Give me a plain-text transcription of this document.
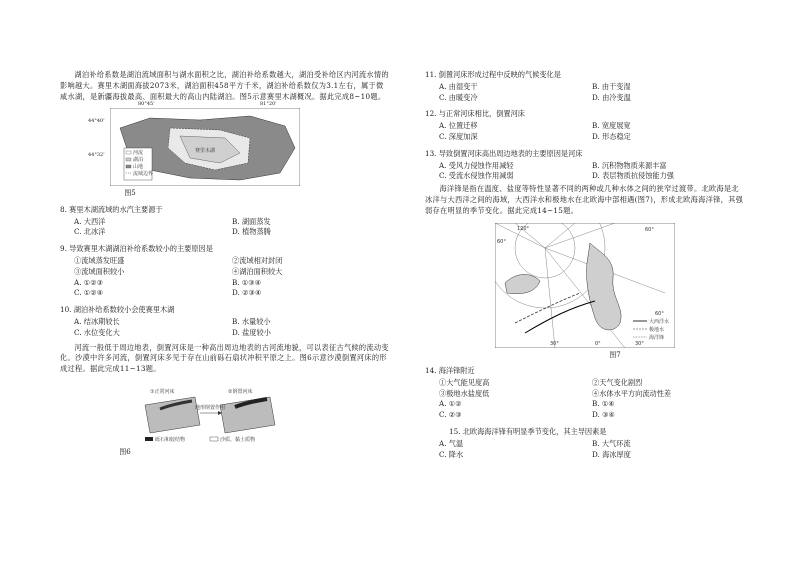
湖泊补给系数是湖泊流域面积与湖水面积之比，湖泊补给系数越大，湖泊受补给区内河流水情的影响越大。赛里木湖面海拔2073米，湖泊面积458平方千米，湖泊补给系数仅为3.1左右，属于微咸水湖，是新疆海拔最高、面积最大的高山内陆湖泊。图5示意赛里木湖概况。据此完成8~10题。

赛里木湖
河流
湖泊
山地
流域边界
80°45'	81°20'
44°40'
44°32'
图5
8. 赛里木湖流域的水汽主要源于
A. 大西洋	B. 湖面蒸发
C. 北冰洋	D. 植物蒸腾
9. 导致赛里木湖湖泊补给系数较小的主要原因是
①流域蒸发旺盛	②流域相对封闭
③流域面积较小	④湖泊面积较大
A. ①②③	B. ①③④
C. ①②④	D. ②③④
10. 湖泊补给系数较小会使赛里木湖
A. 结冰期较长	B. 水量较小
C. 水位变化大	D. 盐度较小

河流一般低于周边地表，倒置河床是一种高出周边地表的古河流地貌，可以表征古气候的流动变化。沙漠中许多河流，倒置河床多见于存在山前砾石扇状冲积平原之上。图6示意沙漠倒置河床的形成过程。据此完成11~13题。

砾石和胶结物	沙质、黏土质物
①正常河床	②倒置河床
地形倒置作用
图6
11. 倒置河床形成过程中反映的气候变化是
A. 由湿变干	B. 由干变湿
C. 由暖变冷	D. 由冷变温
12. 与正常河床相比，倒置河床
A. 位置迁移	B. 宽度展宽
C. 深度加深	D. 形态稳定
13. 导致倒置河床高出周边地表的主要原因是河床
A. 受风力侵蚀作用减轻	B. 沉积物物质来源丰富
C. 受流水侵蚀作用减弱	D. 表层物质抗侵蚀能力强

海洋锋是指在温度、盐度等特性显著不同的两种或几种水体之间的狭窄过渡带。北欧海是北冰洋与大西洋之间的海域，大西洋水和极地水在北欧海中部相遇(图7)，形成北欧海海洋锋，其强弱存在明显的季节变化。据此完成14~15题。

大西洋水
极地水
海洋锋
120°
60°
30°	0°	30°
60°
60°
图7
14. 海洋锋附近
①大气能见度高	②天气变化剧烈
③极地水盐度低	④水体水平方向流动性差
A. ①②	B. ①④
C. ②③	D. ③④
15. 北欧海海洋锋有明显季节变化，其主导因素是
A. 气温	B. 大气环流
C. 降水	D. 海冰厚度
